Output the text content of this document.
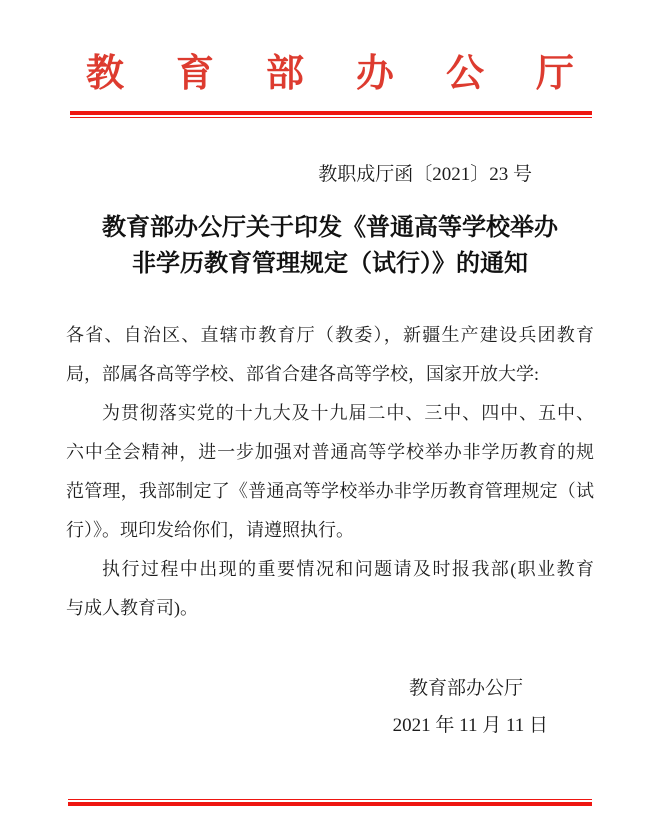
教育部办公厅
教职成厅函〔2021〕23 号
教育部办公厅关于印发《普通高等学校举办
非学历教育管理规定（试行）》的通知
各省、自治区、直辖市教育厅（教委），新疆生产建设兵团教育
局，部属各高等学校、部省合建各高等学校，国家开放大学:
为贯彻落实党的十九大及十九届二中、三中、四中、五中、
六中全会精神，进一步加强对普通高等学校举办非学历教育的规
范管理，我部制定了《普通高等学校举办非学历教育管理规定（试
行）》。现印发给你们，请遵照执行。
执行过程中出现的重要情况和问题请及时报我部(职业教育
与成人教育司)。
教育部办公厅
2021 年 11 月 11 日
